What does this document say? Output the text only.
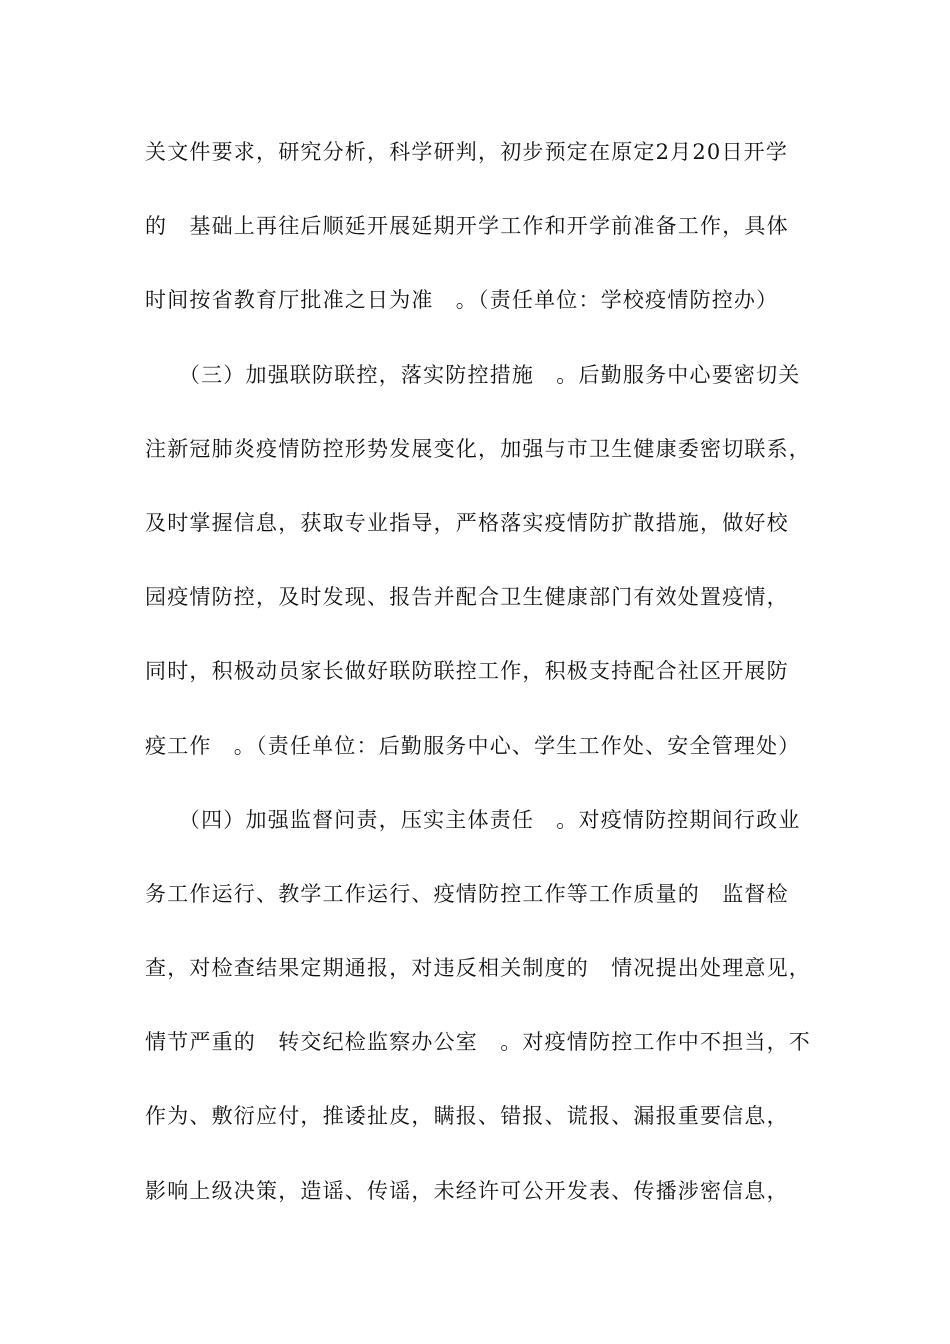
关文件要求，研究分析，科学研判，初步预定在原定2月20日开学
的　基础上再往后顺延开展延期开学工作和开学前准备工作，具体
时间按省教育厅批准之日为准　。（责任单位：学校疫情防控办）
　　（三）加强联防联控，落实防控措施　。后勤服务中心要密切关
注新冠肺炎疫情防控形势发展变化，加强与市卫生健康委密切联系，
及时掌握信息，获取专业指导，严格落实疫情防扩散措施，做好校
园疫情防控，及时发现、报告并配合卫生健康部门有效处置疫情，
同时，积极动员家长做好联防联控工作，积极支持配合社区开展防
疫工作　。（责任单位：后勤服务中心、学生工作处、安全管理处）
　　（四）加强监督问责，压实主体责任　。对疫情防控期间行政业
务工作运行、教学工作运行、疫情防控工作等工作质量的　监督检
查，对检查结果定期通报，对违反相关制度的　情况提出处理意见，
情节严重的　转交纪检监察办公室　。对疫情防控工作中不担当，不
作为、敷衍应付，推诿扯皮，瞒报、错报、谎报、漏报重要信息，
影响上级决策，造谣、传谣，未经许可公开发表、传播涉密信息，
